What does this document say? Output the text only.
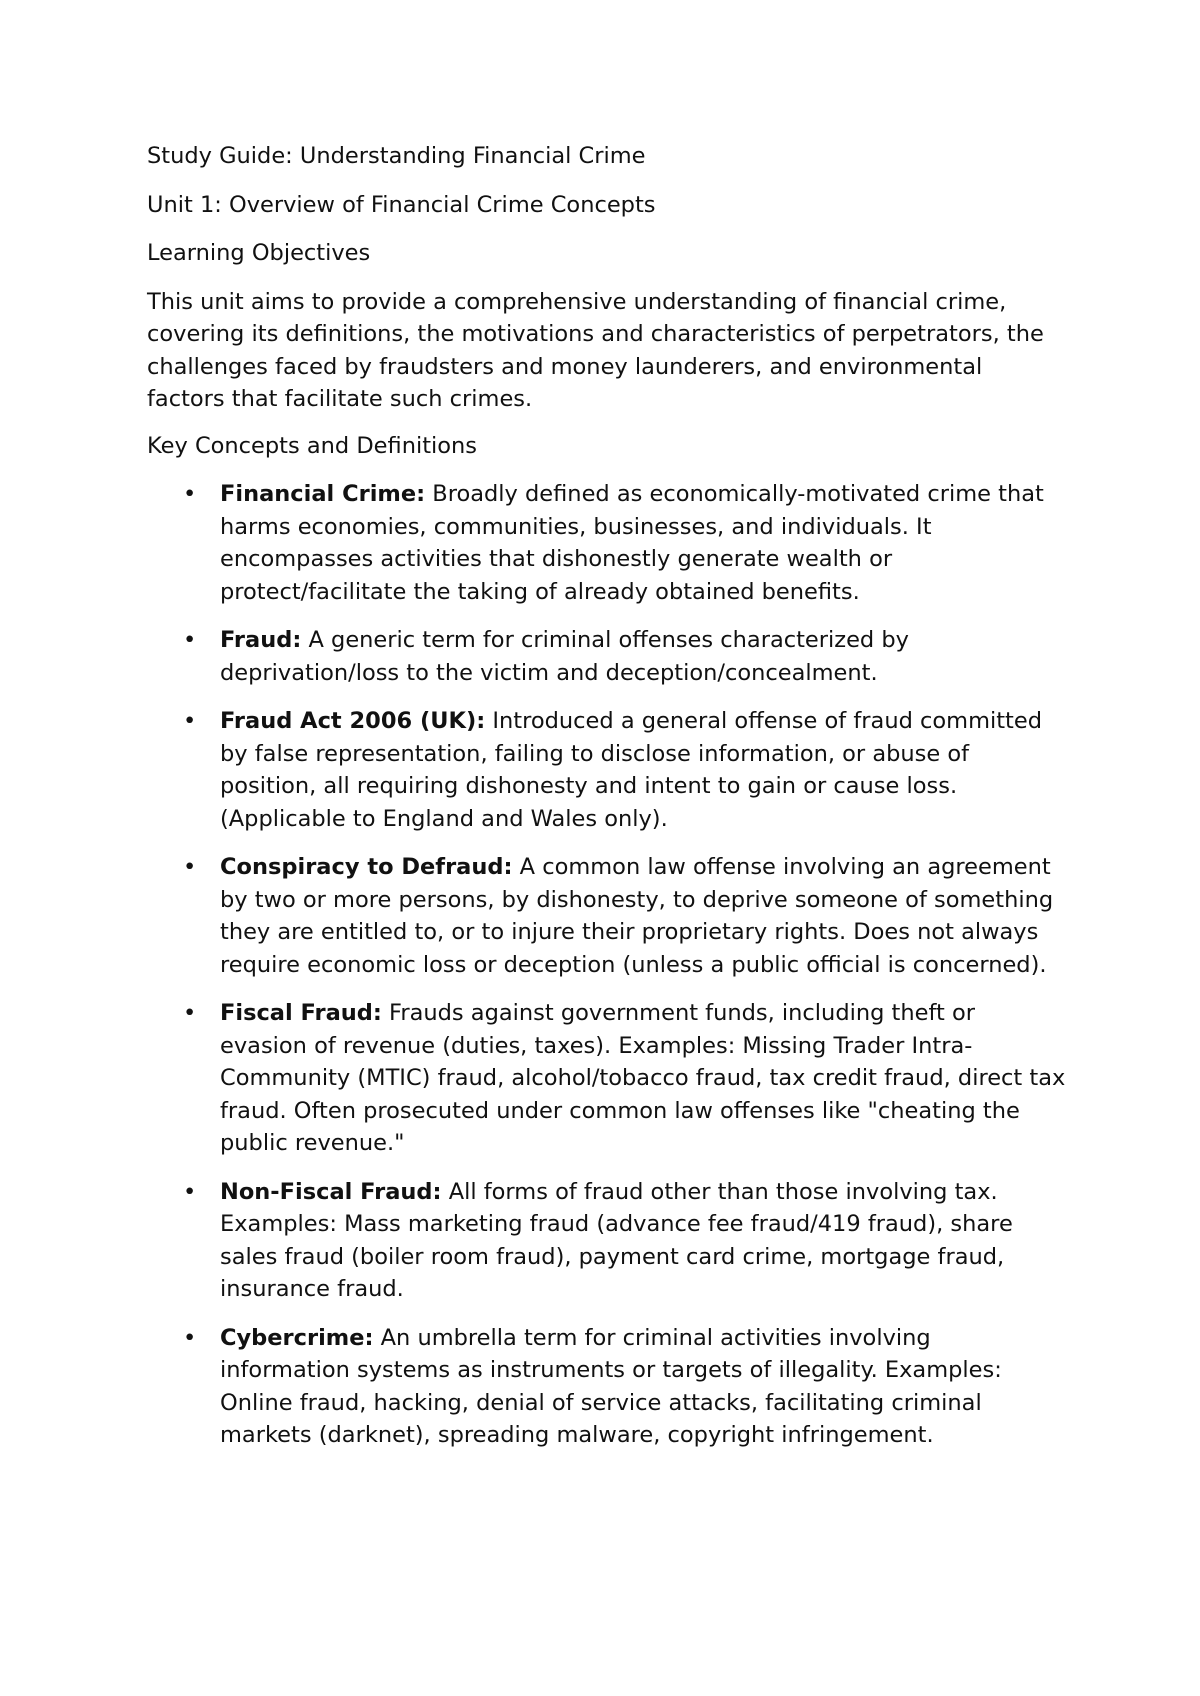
Study Guide: Understanding Financial Crime

Unit 1: Overview of Financial Crime Concepts

Learning Objectives

This unit aims to provide a comprehensive understanding of financial crime, covering its definitions, the motivations and characteristics of perpetrators, the challenges faced by fraudsters and money launderers, and environmental factors that facilitate such crimes.

Key Concepts and Definitions

• Financial Crime: Broadly defined as economically-motivated crime that harms economies, communities, businesses, and individuals. It encompasses activities that dishonestly generate wealth or protect/facilitate the taking of already obtained benefits.
• Fraud: A generic term for criminal offenses characterized by deprivation/loss to the victim and deception/concealment.
• Fraud Act 2006 (UK): Introduced a general offense of fraud committed by false representation, failing to disclose information, or abuse of position, all requiring dishonesty and intent to gain or cause loss. (Applicable to England and Wales only).
• Conspiracy to Defraud: A common law offense involving an agreement by two or more persons, by dishonesty, to deprive someone of something they are entitled to, or to injure their proprietary rights. Does not always require economic loss or deception (unless a public official is concerned).
• Fiscal Fraud: Frauds against government funds, including theft or evasion of revenue (duties, taxes). Examples: Missing Trader Intra-Community (MTIC) fraud, alcohol/tobacco fraud, tax credit fraud, direct tax fraud. Often prosecuted under common law offenses like "cheating the public revenue."
• Non-Fiscal Fraud: All forms of fraud other than those involving tax. Examples: Mass marketing fraud (advance fee fraud/419 fraud), share sales fraud (boiler room fraud), payment card crime, mortgage fraud, insurance fraud.
• Cybercrime: An umbrella term for criminal activities involving information systems as instruments or targets of illegality. Examples: Online fraud, hacking, denial of service attacks, facilitating criminal markets (darknet), spreading malware, copyright infringement.
